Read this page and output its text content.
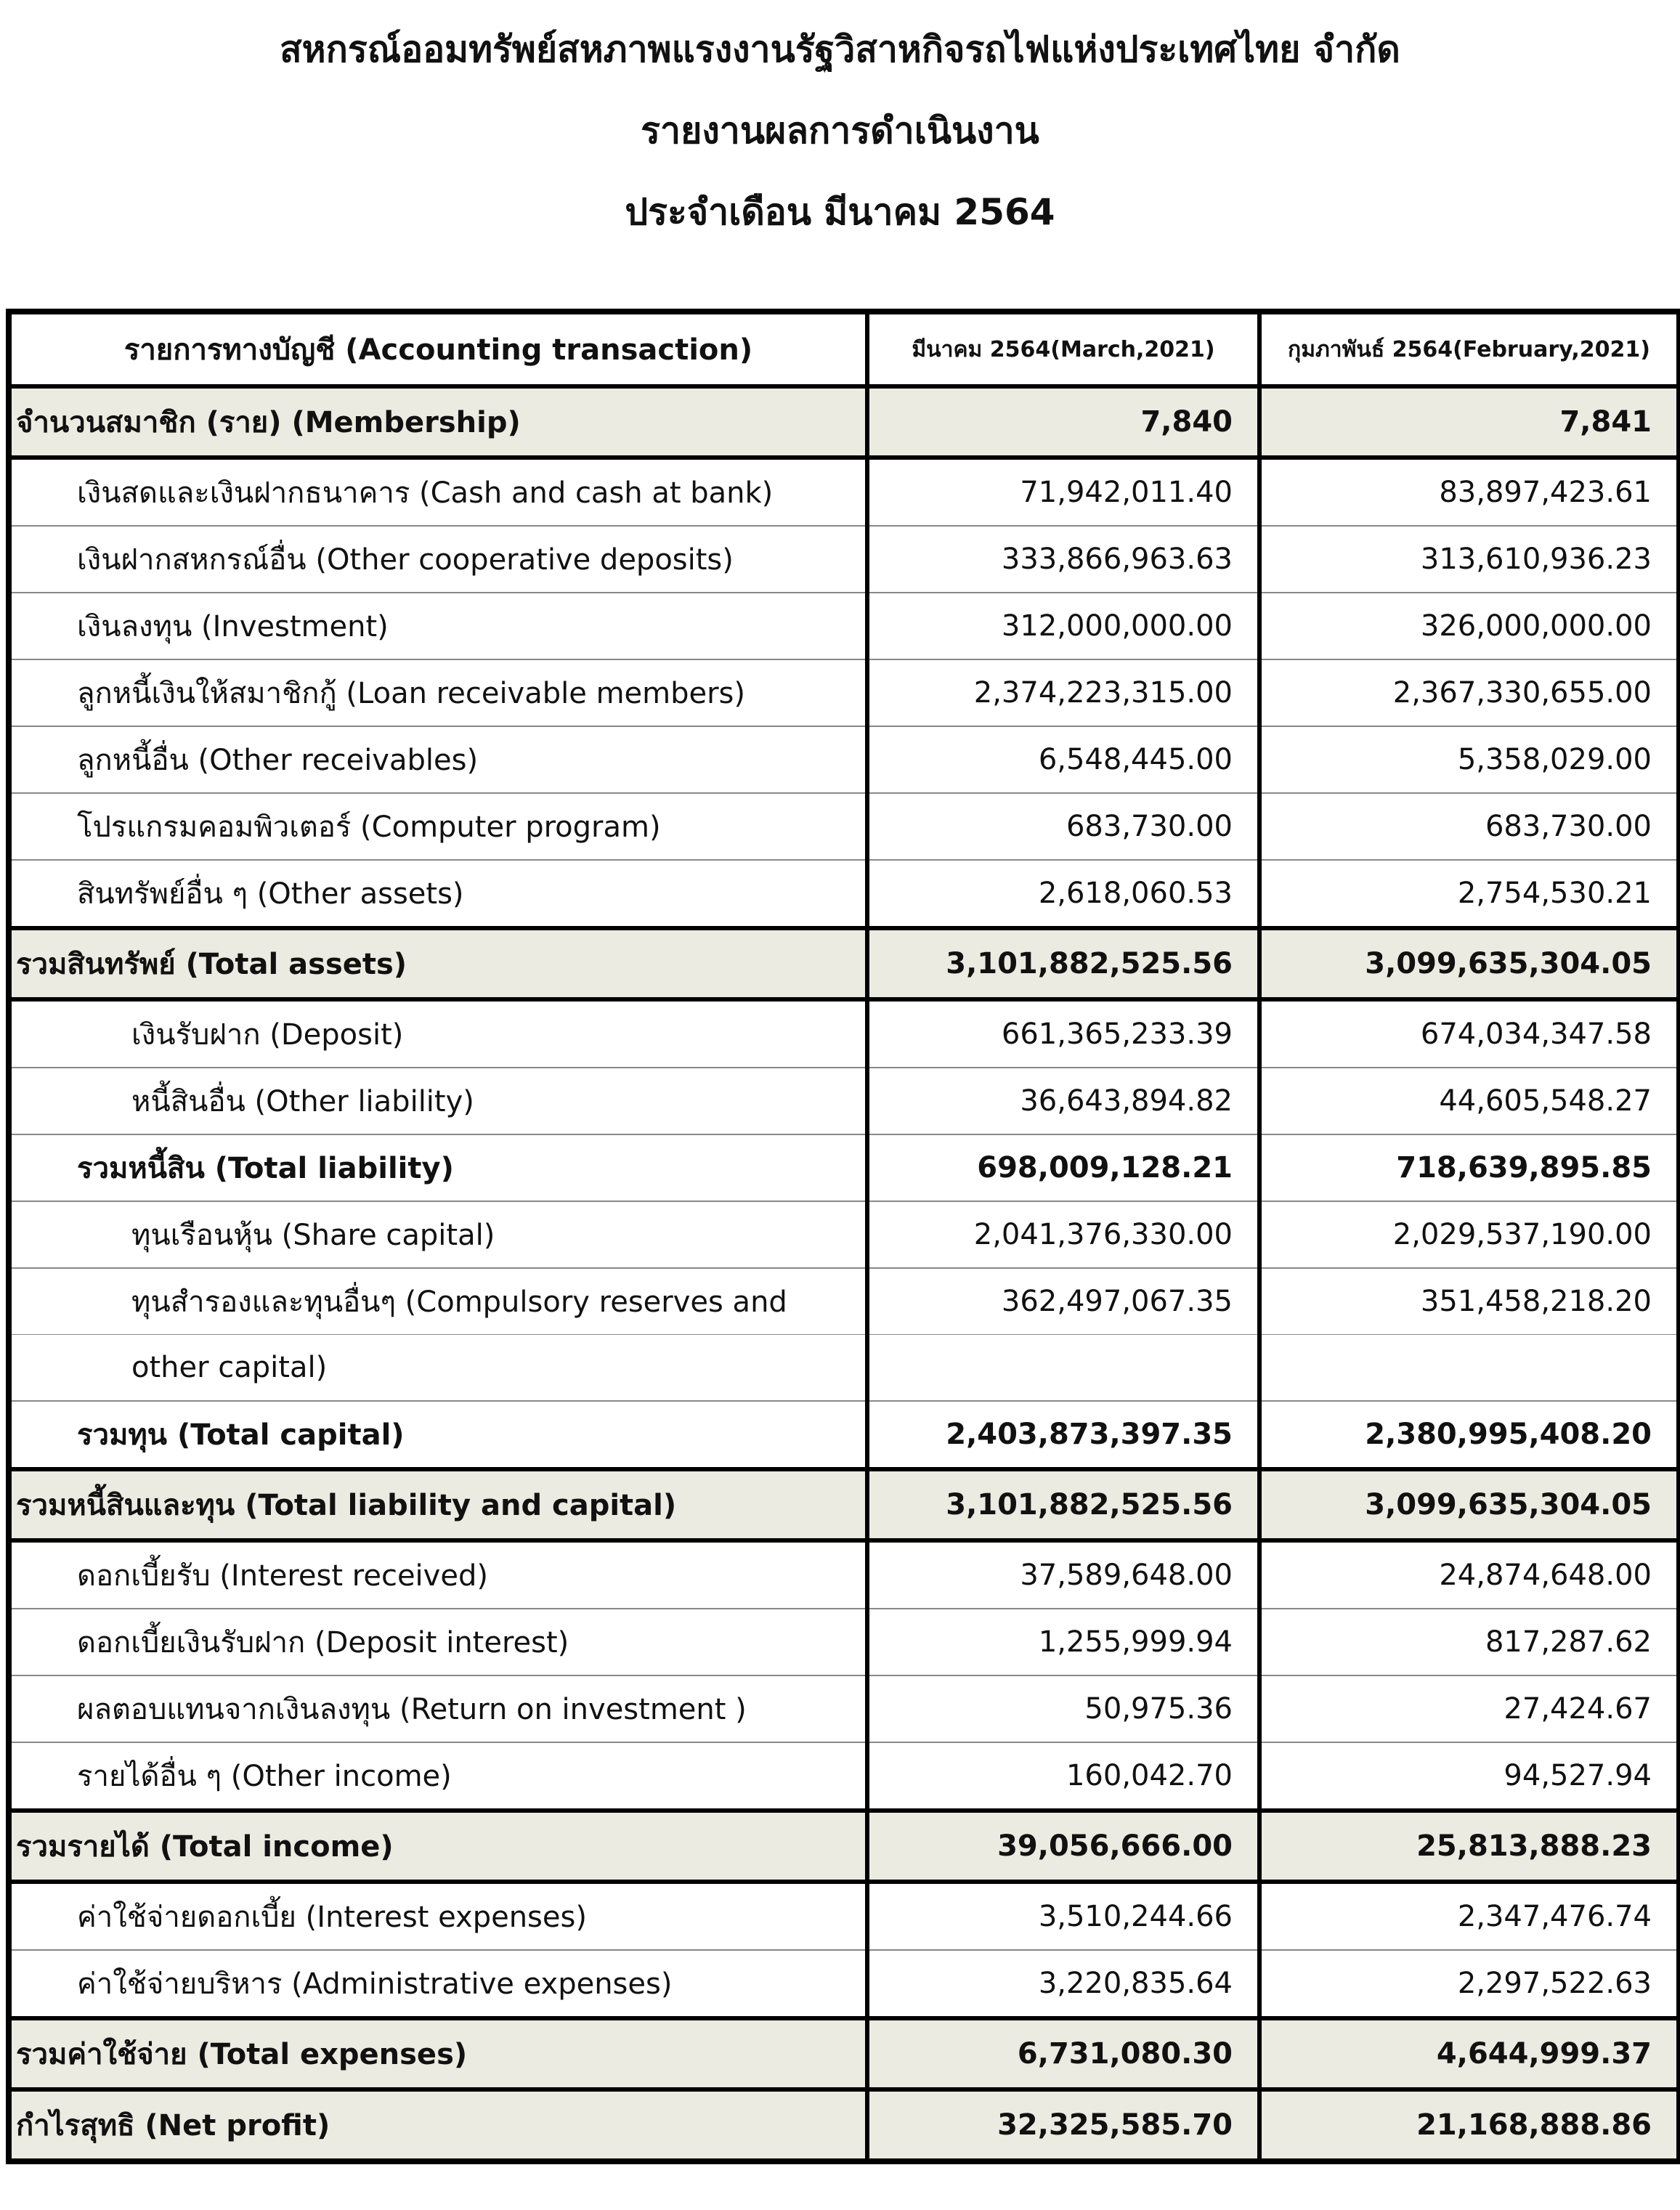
สหกรณ์ออมทรัพย์สหภาพแรงงานรัฐวิสาหกิจรถไฟแห่งประเทศไทย จำกัด
รายงานผลการดำเนินงาน
ประจำเดือน มีนาคม 2564
รายการทางบัญชี (Accounting transaction)	มีนาคม 2564(March,2021)	กุมภาพันธ์ 2564(February,2021)
จำนวนสมาชิก (ราย) (Membership)	7,840	7,841
เงินสดและเงินฝากธนาคาร (Cash and cash at bank)	71,942,011.40	83,897,423.61
เงินฝากสหกรณ์อื่น (Other cooperative deposits)	333,866,963.63	313,610,936.23
เงินลงทุน (Investment)	312,000,000.00	326,000,000.00
ลูกหนี้เงินให้สมาชิกกู้ (Loan receivable members)	2,374,223,315.00	2,367,330,655.00
ลูกหนี้อื่น (Other receivables)	6,548,445.00	5,358,029.00
โปรแกรมคอมพิวเตอร์ (Computer program)	683,730.00	683,730.00
สินทรัพย์อื่น ๆ (Other assets)	2,618,060.53	2,754,530.21
รวมสินทรัพย์ (Total assets)	3,101,882,525.56	3,099,635,304.05
เงินรับฝาก (Deposit)	661,365,233.39	674,034,347.58
หนี้สินอื่น (Other liability)	36,643,894.82	44,605,548.27
รวมหนี้สิน (Total liability)	698,009,128.21	718,639,895.85
ทุนเรือนหุ้น (Share capital)	2,041,376,330.00	2,029,537,190.00
ทุนสำรองและทุนอื่นๆ (Compulsory reserves and	362,497,067.35	351,458,218.20
other capital)		
รวมทุน (Total capital)	2,403,873,397.35	2,380,995,408.20
รวมหนี้สินและทุน (Total liability and capital)	3,101,882,525.56	3,099,635,304.05
ดอกเบี้ยรับ (Interest received)	37,589,648.00	24,874,648.00
ดอกเบี้ยเงินรับฝาก (Deposit interest)	1,255,999.94	817,287.62
ผลตอบแทนจากเงินลงทุน (Return on investment )	50,975.36	27,424.67
รายได้อื่น ๆ (Other income)	160,042.70	94,527.94
รวมรายได้ (Total income)	39,056,666.00	25,813,888.23
ค่าใช้จ่ายดอกเบี้ย (Interest expenses)	3,510,244.66	2,347,476.74
ค่าใช้จ่ายบริหาร (Administrative expenses)	3,220,835.64	2,297,522.63
รวมค่าใช้จ่าย (Total expenses)	6,731,080.30	4,644,999.37
กำไรสุทธิ (Net profit)	32,325,585.70	21,168,888.86
